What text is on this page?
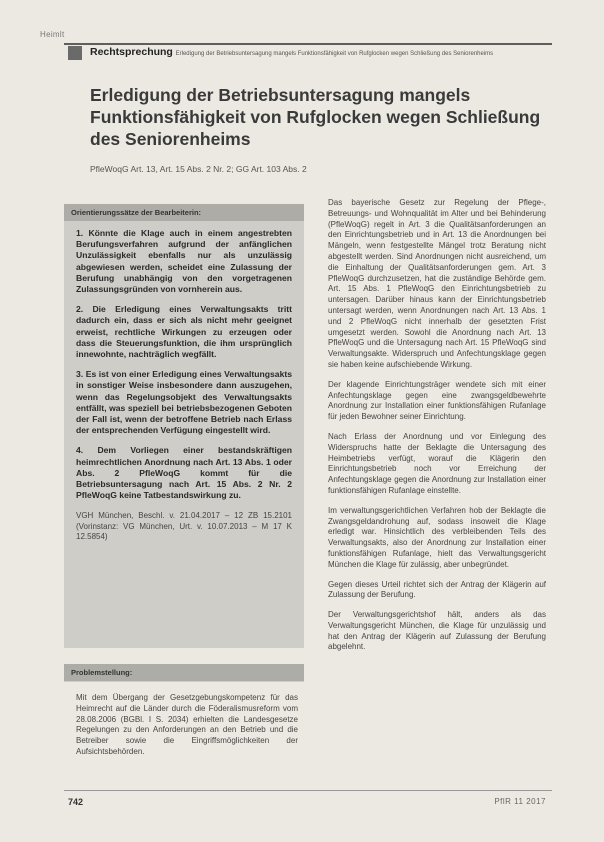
Heimlt
Rechtsprechung Erledigung der Betriebsuntersagung mangels Funktionsfähigkeit von Rufglocken wegen Schließung des Seniorenheims
Erledigung der Betriebsuntersagung mangels Funktionsfähigkeit von Rufglocken wegen Schließung des Seniorenheims
PfleWoqG Art. 13, Art. 15 Abs. 2 Nr. 2; GG Art. 103 Abs. 2
Orientierungssätze der Bearbeiterin:

1. Könnte die Klage auch in einem angestrebten Berufungsverfahren aufgrund der anfänglichen Unzulässigkeit ebenfalls nur als unzulässig abgewiesen werden, scheidet eine Zulassung der Berufung unabhängig von den vorgetragenen Zulassungsgründen von vornherein aus.

2. Die Erledigung eines Verwaltungsakts tritt dadurch ein, dass er sich als nicht mehr geeignet erweist, rechtliche Wirkungen zu erzeugen oder dass die Steuerungsfunktion, die ihm ursprünglich innewohnte, nachträglich wegfällt.

3. Es ist von einer Erledigung eines Verwaltungsakts in sonstiger Weise insbesondere dann auszugehen, wenn das Regelungsobjekt des Verwaltungsakts entfällt, was speziell bei betriebsbezogenen Geboten der Fall ist, wenn der betroffene Betrieb nach Erlass der entsprechenden Verfügung eingestellt wird.

4. Dem Vorliegen einer bestandskräftigen heimrechtlichen Anordnung nach Art. 13 Abs. 1 oder Abs. 2 PfleWoqG kommt für die Betriebsuntersagung nach Art. 15 Abs. 2 Nr. 2 PfleWoqG keine Tatbestandswirkung zu.

VGH München, Beschl. v. 21.04.2017 – 12 ZB 15.2101 (Vorinstanz: VG München, Urt. v. 10.07.2013 – M 17 K 12.5854)

Problemstellung:

Mit dem Übergang der Gesetzgebungskompetenz für das Heimrecht auf die Länder durch die Föderalismusreform vom 28.08.2006 (BGBl. I S. 2034) erhielten die Landesgesetze Regelungen zu den Anforderungen an den Betrieb und die Betreiber sowie die Eingriffsmöglichkeiten der Aufsichtsbehörden.

Das bayerische Gesetz zur Regelung der Pflege-, Betreuungs- und Wohnqualität im Alter und bei Behinderung (PfleWoqG) regelt in Art. 3 die Qualitätsanforderungen an den Einrichtungsbetrieb und in Art. 13 die Anordnungen bei Mängeln, wenn festgestellte Mängel trotz Beratung nicht abgestellt werden. Sind Anordnungen nicht ausreichend, um die Einhaltung der Qualitätsanforderungen gem. Art. 3 PfleWoqG durchzusetzen, hat die zuständige Behörde gem. Art. 15 Abs. 1 PfleWoqG den Einrichtungsbetrieb zu untersagen. Darüber hinaus kann der Einrichtungsbetrieb untersagt werden, wenn Anordnungen nach Art. 13 Abs. 1 und 2 PfleWoqG nicht innerhalb der gesetzten Frist umgesetzt werden. Sowohl die Anordnung nach Art. 13 PfleWoqG und die Untersagung nach Art. 15 PfleWoqG sind Verwaltungsakte. Widerspruch und Anfechtungsklage gegen sie haben keine aufschiebende Wirkung.

Der klagende Einrichtungsträger wendete sich mit einer Anfechtungsklage gegen eine zwangsgeldbewehrte Anordnung zur Installation einer funktionsfähigen Rufanlage für jeden Bewohner seiner Einrichtung.

Nach Erlass der Anordnung und vor Einlegung des Widerspruchs hatte der Beklagte die Untersagung des Heimbetriebs verfügt, worauf die Klägerin den Einrichtungsbetrieb noch vor Erreichung der Anfechtungsklage gegen die Anordnung zur Installation einer funktionsfähigen Rufanlage einstellte.

Im verwaltungsgerichtlichen Verfahren hob der Beklagte die Zwangsgeldandrohung auf, sodass insoweit die Klage erledigt war. Hinsichtlich des verbleibenden Teils des Verwaltungsakts, also der Anordnung zur Installation einer funktionsfähigen Rufanlage, hielt das Verwaltungsgericht München die Klage für zulässig, aber unbegründet.

Gegen dieses Urteil richtet sich der Antrag der Klägerin auf Zulassung der Berufung.

Der Verwaltungsgerichtshof hält, anders als das Verwaltungsgericht München, die Klage für unzulässig und hat den Antrag der Klägerin auf Zulassung der Berufung abgelehnt.

742	PflR 11 2017
